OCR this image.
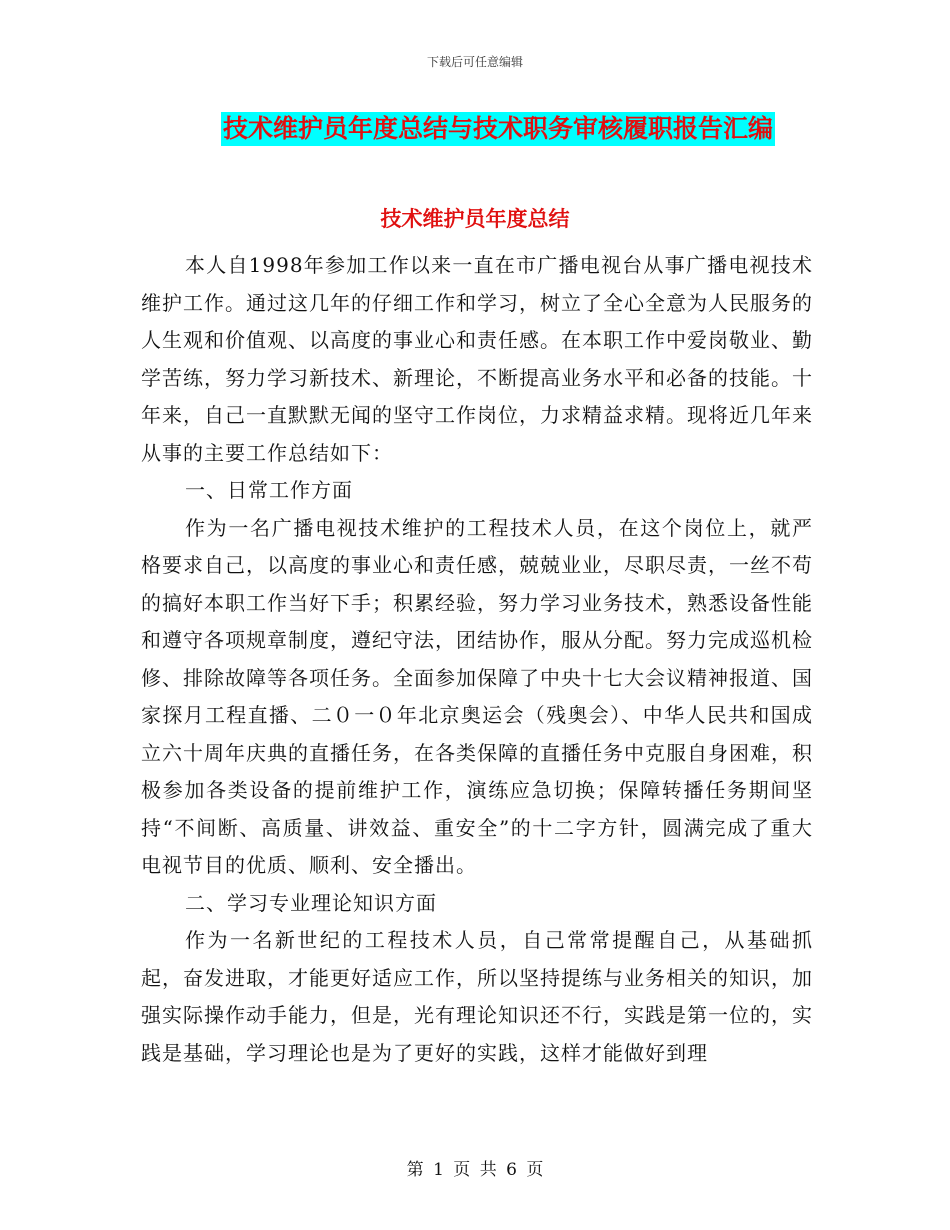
下载后可任意编辑
技术维护员年度总结与技术职务审核履职报告汇编
技术维护员年度总结

本人自1998年参加工作以来一直在市广播电视台从事广播电视技术维护工作。通过这几年的仔细工作和学习，树立了全心全意为人民服务的人生观和价值观、以高度的事业心和责任感。在本职工作中爱岗敬业、勤学苦练，努力学习新技术、新理论，不断提高业务水平和必备的技能。十年来，自己一直默默无闻的坚守工作岗位，力求精益求精。现将近几年来从事的主要工作总结如下：

一、日常工作方面

作为一名广播电视技术维护的工程技术人员，在这个岗位上，就严格要求自己，以高度的事业心和责任感，兢兢业业，尽职尽责，一丝不苟的搞好本职工作当好下手；积累经验，努力学习业务技术，熟悉设备性能和遵守各项规章制度，遵纪守法，团结协作，服从分配。努力完成巡机检修、排除故障等各项任务。全面参加保障了中央十七大会议精神报道、国家探月工程直播、二０一０年北京奥运会（残奥会）、中华人民共和国成立六十周年庆典的直播任务，在各类保障的直播任务中克服自身困难，积极参加各类设备的提前维护工作，演练应急切换；保障转播任务期间坚持“不间断、高质量、讲效益、重安全”的十二字方针，圆满完成了重大电视节目的优质、顺利、安全播出。

二、学习专业理论知识方面

作为一名新世纪的工程技术人员，自己常常提醒自己，从基础抓起，奋发进取，才能更好适应工作，所以坚持提练与业务相关的知识，加强实际操作动手能力，但是，光有理论知识还不行，实践是第一位的，实践是基础，学习理论也是为了更好的实践，这样才能做好到理

第 1 页 共 6 页
